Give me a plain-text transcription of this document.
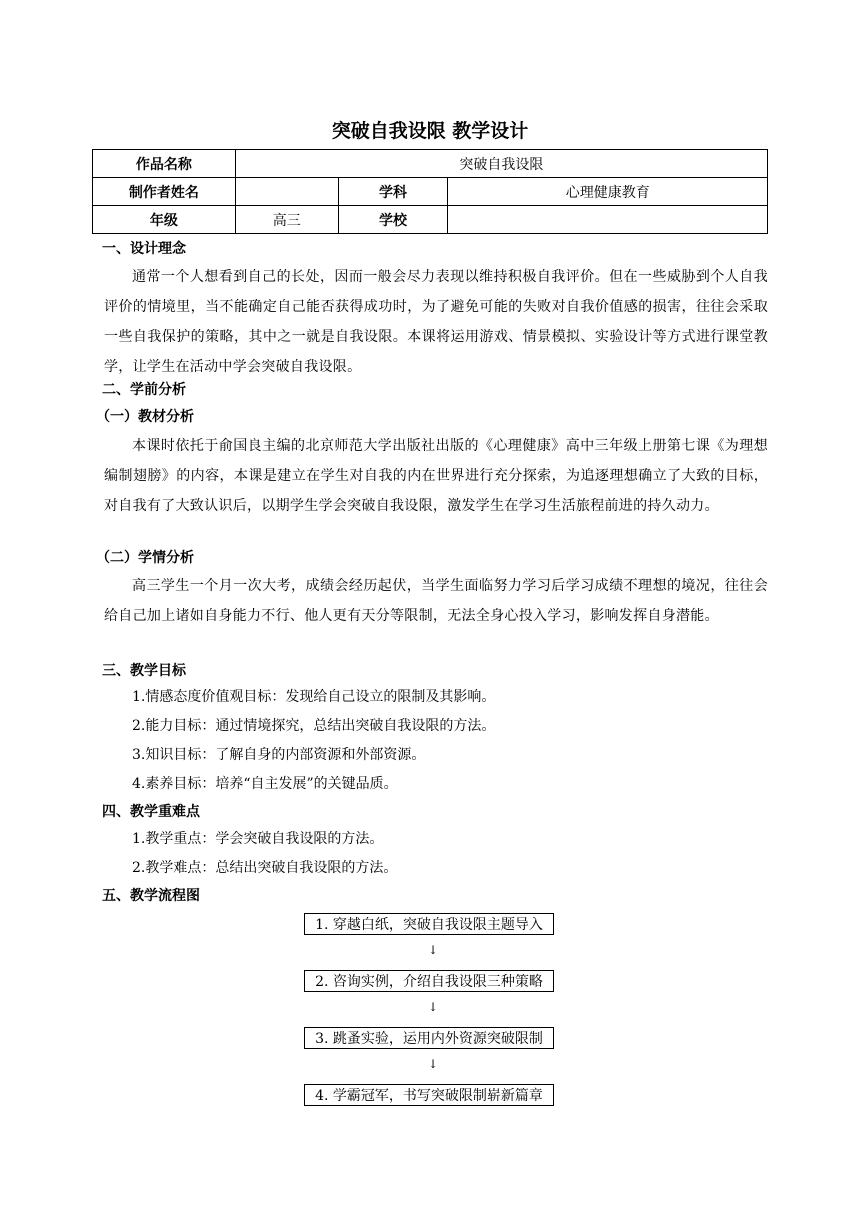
突破自我设限 教学设计
作品名称	突破自我设限		
制作者姓名		学科	心理健康教育
年级	高三	学校	
一、设计理念
通常一个人想看到自己的长处，因而一般会尽力表现以维持积极自我评价。但在一些威胁到个人自我评价的情境里，当不能确定自己能否获得成功时，为了避免可能的失败对自我价值感的损害，往往会采取一些自我保护的策略，其中之一就是自我设限。本课将运用游戏、情景模拟、实验设计等方式进行课堂教学，让学生在活动中学会突破自我设限。
二、学前分析
（一）教材分析
本课时依托于俞国良主编的北京师范大学出版社出版的《心理健康》高中三年级上册第七课《为理想编制翅膀》的内容，本课是建立在学生对自我的内在世界进行充分探索，为追逐理想确立了大致的目标，对自我有了大致认识后，以期学生学会突破自我设限，激发学生在学习生活旅程前进的持久动力。
（二）学情分析
高三学生一个月一次大考，成绩会经历起伏，当学生面临努力学习后学习成绩不理想的境况，往往会给自己加上诸如自身能力不行、他人更有天分等限制，无法全身心投入学习，影响发挥自身潜能。
三、教学目标
1.情感态度价值观目标：发现给自己设立的限制及其影响。
2.能力目标：通过情境探究，总结出突破自我设限的方法。
3.知识目标：了解自身的内部资源和外部资源。
4.素养目标：培养“自主发展”的关键品质。
四、教学重难点
1.教学重点：学会突破自我设限的方法。
2.教学难点：总结出突破自我设限的方法。
五、教学流程图
1. 穿越白纸，突破自我设限主题导入
↓
2. 咨询实例，介绍自我设限三种策略
↓
3. 跳蚤实验，运用内外资源突破限制
↓
4. 学霸冠军，书写突破限制崭新篇章
